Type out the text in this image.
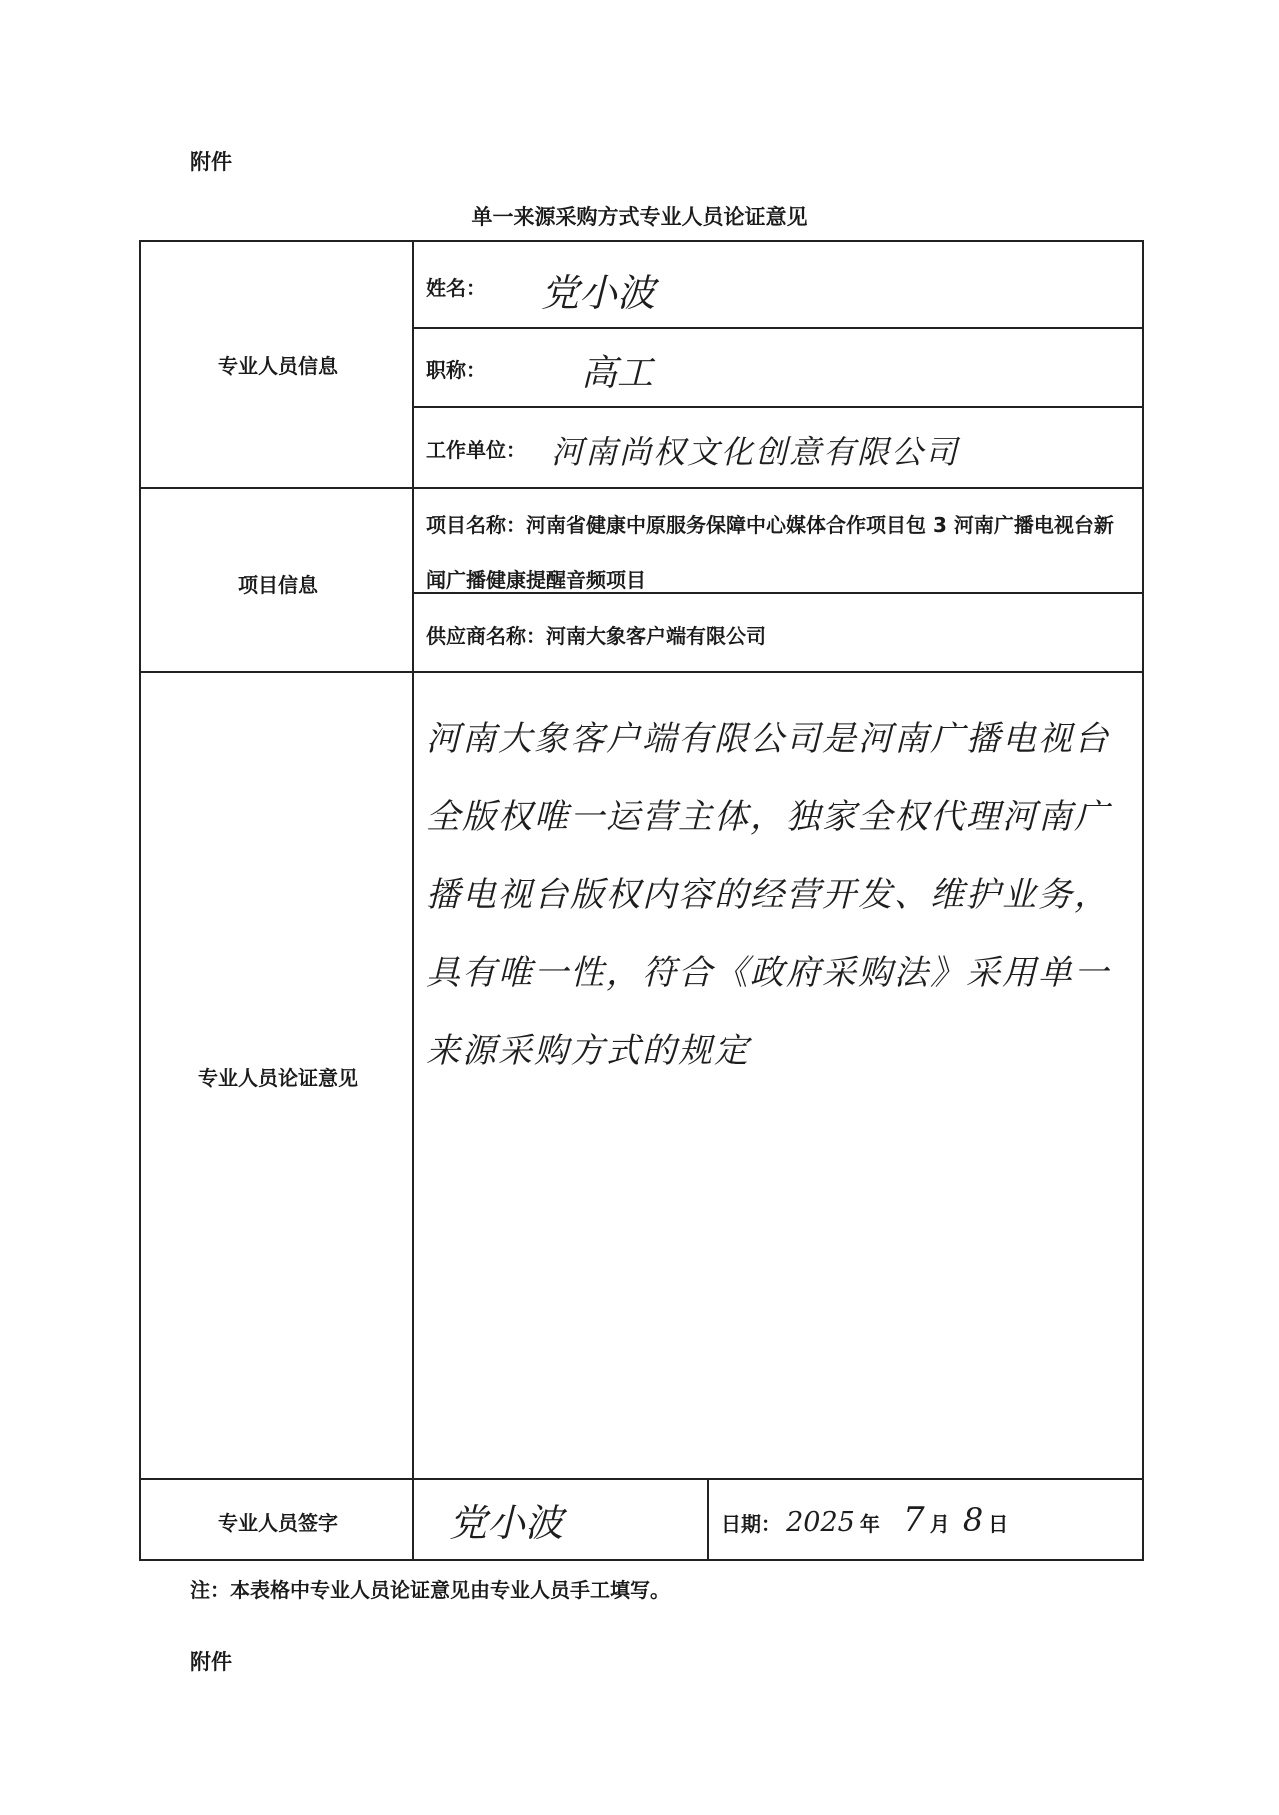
附件
单一来源采购方式专业人员论证意见
专业人员信息
姓名： 党小波
职称：	高工
工作单位： 河南尚权文化创意有限公司
项目信息
项目名称：河南省健康中原服务保障中心媒体合作项目包 3 河南广播电视台新闻广播健康提醒音频项目
供应商名称：河南大象客户端有限公司
专业人员论证意见
河南大象客户端有限公司是河南广播电视台全版权唯一运营主体，独家全权代理河南广播电视台版权内容的经营开发、维护业务，具有唯一性，符合《政府采购法》采用单一来源采购方式的规定
专业人员签字	党小波	日期： 2025 年 7 月 8 日
注：本表格中专业人员论证意见由专业人员手工填写。
附件
